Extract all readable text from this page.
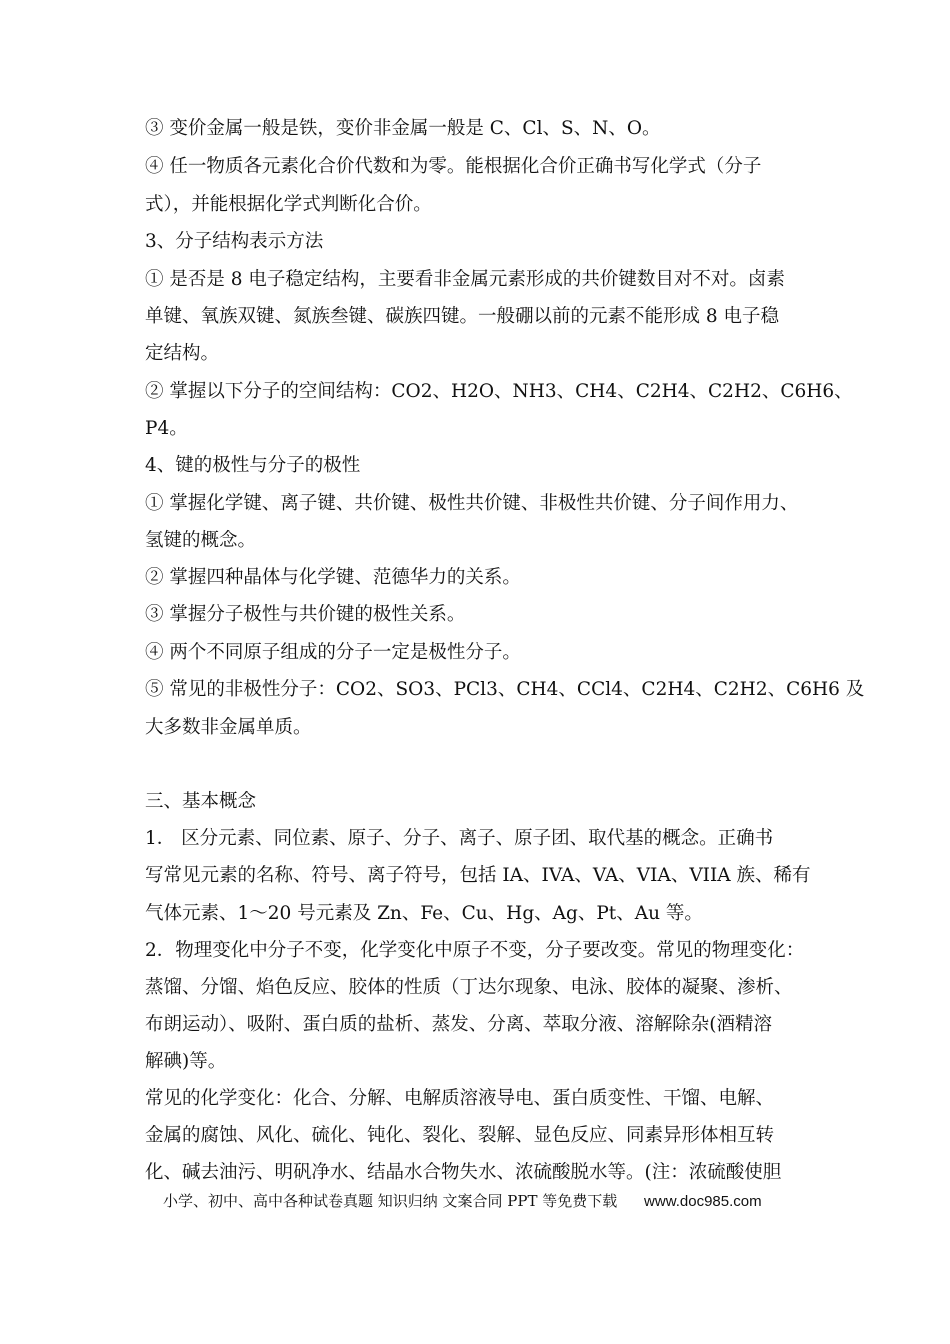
③ 变价金属一般是铁，变价非金属一般是 C、Cl、S、N、O。
④ 任一物质各元素化合价代数和为零。能根据化合价正确书写化学式（分子
式），并能根据化学式判断化合价。
3、分子结构表示方法
① 是否是 8 电子稳定结构，主要看非金属元素形成的共价键数目对不对。卤素
单键、氧族双键、氮族叁键、碳族四键。一般硼以前的元素不能形成 8 电子稳
定结构。
② 掌握以下分子的空间结构：CO2、H2O、NH3、CH4、C2H4、C2H2、C6H6、
P4。
4、键的极性与分子的极性
① 掌握化学键、离子键、共价键、极性共价键、非极性共价键、分子间作用力、
氢键的概念。
② 掌握四种晶体与化学键、范德华力的关系。
③ 掌握分子极性与共价键的极性关系。
④ 两个不同原子组成的分子一定是极性分子。
⑤ 常见的非极性分子：CO2、SO3、PCl3、CH4、CCl4、C2H4、C2H2、C6H6 及
大多数非金属单质。
三、基本概念
1． 区分元素、同位素、原子、分子、离子、原子团、取代基的概念。正确书
写常见元素的名称、符号、离子符号，包括 IA、IVA、VA、VIA、VIIA 族、稀有
气体元素、1～20 号元素及 Zn、Fe、Cu、Hg、Ag、Pt、Au 等。
2．物理变化中分子不变，化学变化中原子不变，分子要改变。常见的物理变化：
蒸馏、分馏、焰色反应、胶体的性质（丁达尔现象、电泳、胶体的凝聚、渗析、
布朗运动）、吸附、蛋白质的盐析、蒸发、分离、萃取分液、溶解除杂(酒精溶
解碘)等。
常见的化学变化：化合、分解、电解质溶液导电、蛋白质变性、干馏、电解、
金属的腐蚀、风化、硫化、钝化、裂化、裂解、显色反应、同素异形体相互转
化、碱去油污、明矾净水、结晶水合物失水、浓硫酸脱水等。(注：浓硫酸使胆
小学、初中、高中各种试卷真题 知识归纳 文案合同 PPT 等免费下载 www.doc985.com
